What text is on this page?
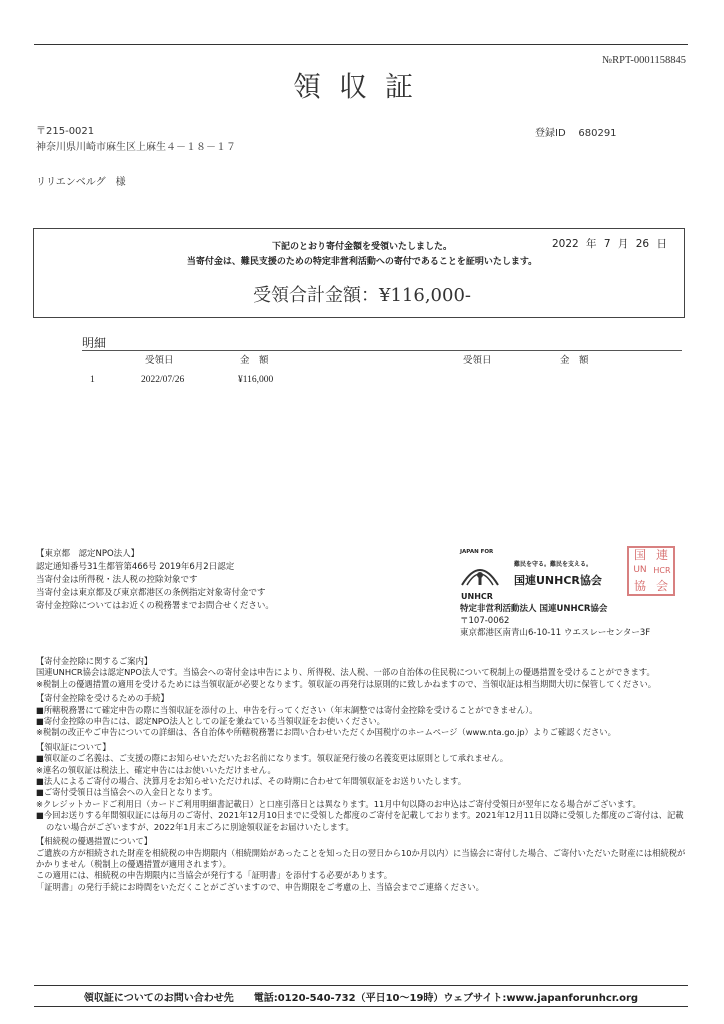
№RPT-0001158845
領収証
〒215-0021
神奈川県川崎市麻生区上麻生４－１８－１７
登録ID 680291
リリエンベルグ　様
2022 年 7 月 26 日
下記のとおり寄付金額を受領いたしました。
当寄付金は、難民支援のための特定非営利活動への寄付であることを証明いたします。
受領合計金額：¥116,000-
明細
受領日	金　額	受領日	金　額
1	2022/07/26	¥116,000
【東京都　認定NPO法人】
認定通知番号31生都管第466号 2019年6月2日認定
当寄付金は所得税・法人税の控除対象です
当寄付金は東京都及び東京都港区の条例指定対象寄付金です
寄付金控除についてはお近くの税務署までお問合せください。
JAPAN FOR
UNHCR
難民を守る。難民を支える。
国連UNHCR協会
特定非営利活動法人 国連UNHCR協会
〒107-0062
東京都港区南青山6-10-11 ウエスレーセンター3F
国 連
UN HCR
協 会

【寄付金控除に関するご案内】

国連UNHCR協会は認定NPO法人です。当協会への寄付金は申告により、所得税、法人税、一部の自治体の住民税について税制上の優遇措置を受けることができます。

※税制上の優遇措置の適用を受けるためには当領収証が必要となります。領収証の再発行は原則的に致しかねますので、当領収証は相当期間大切に保管してください。

【寄付金控除を受けるための手続】

■所轄税務署にて確定申告の際に当領収証を添付の上、申告を行ってください（年末調整では寄付金控除を受けることができません）。

■寄付金控除の申告には、認定NPO法人としての証を兼ねている当領収証をお使いください。

※税制の改正やご申告についての詳細は、各自治体や所轄税務署にお問い合わせいただくか国税庁のホームページ（www.nta.go.jp）よりご確認ください。

【領収証について】

■領収証のご名義は、ご支援の際にお知らせいただいたお名前になります。領収証発行後の名義変更は原則として承れません。

※連名の領収証は税法上、確定申告にはお使いいただけません。

■法人によるご寄付の場合、決算月をお知らせいただければ、その時期に合わせて年間領収証をお送りいたします。

■ご寄付受領日は当協会への入金日となります。

※クレジットカードご利用日（カードご利用明細書記載日）と口座引落日とは異なります。11月中旬以降のお申込はご寄付受領日が翌年になる場合がございます。

■今回お送りする年間領収証には毎月のご寄付、2021年12月10日までに受領した都度のご寄付を記載しております。2021年12月11日以降に受領した都度のご寄付は、記載のない場合がございますが、2022年1月末ごろに別途領収証をお届けいたします。

【相続税の優遇措置について】

ご遺族の方が相続された財産を相続税の申告期限内（相続開始があったことを知った日の翌日から10か月以内）に当協会に寄付した場合、ご寄付いただいた財産には相続税がかかりません（税制上の優遇措置が適用されます）。

この適用には、相続税の申告期限内に当協会が発行する「証明書」を添付する必要があります。

「証明書」の発行手続にお時間をいただくことがございますので、申告期限をご考慮の上、当協会までご連絡ください。

領収証についてのお問い合わせ先 電話:0120-540-732（平日10～19時）ウェブサイト:www.japanforunhcr.org
